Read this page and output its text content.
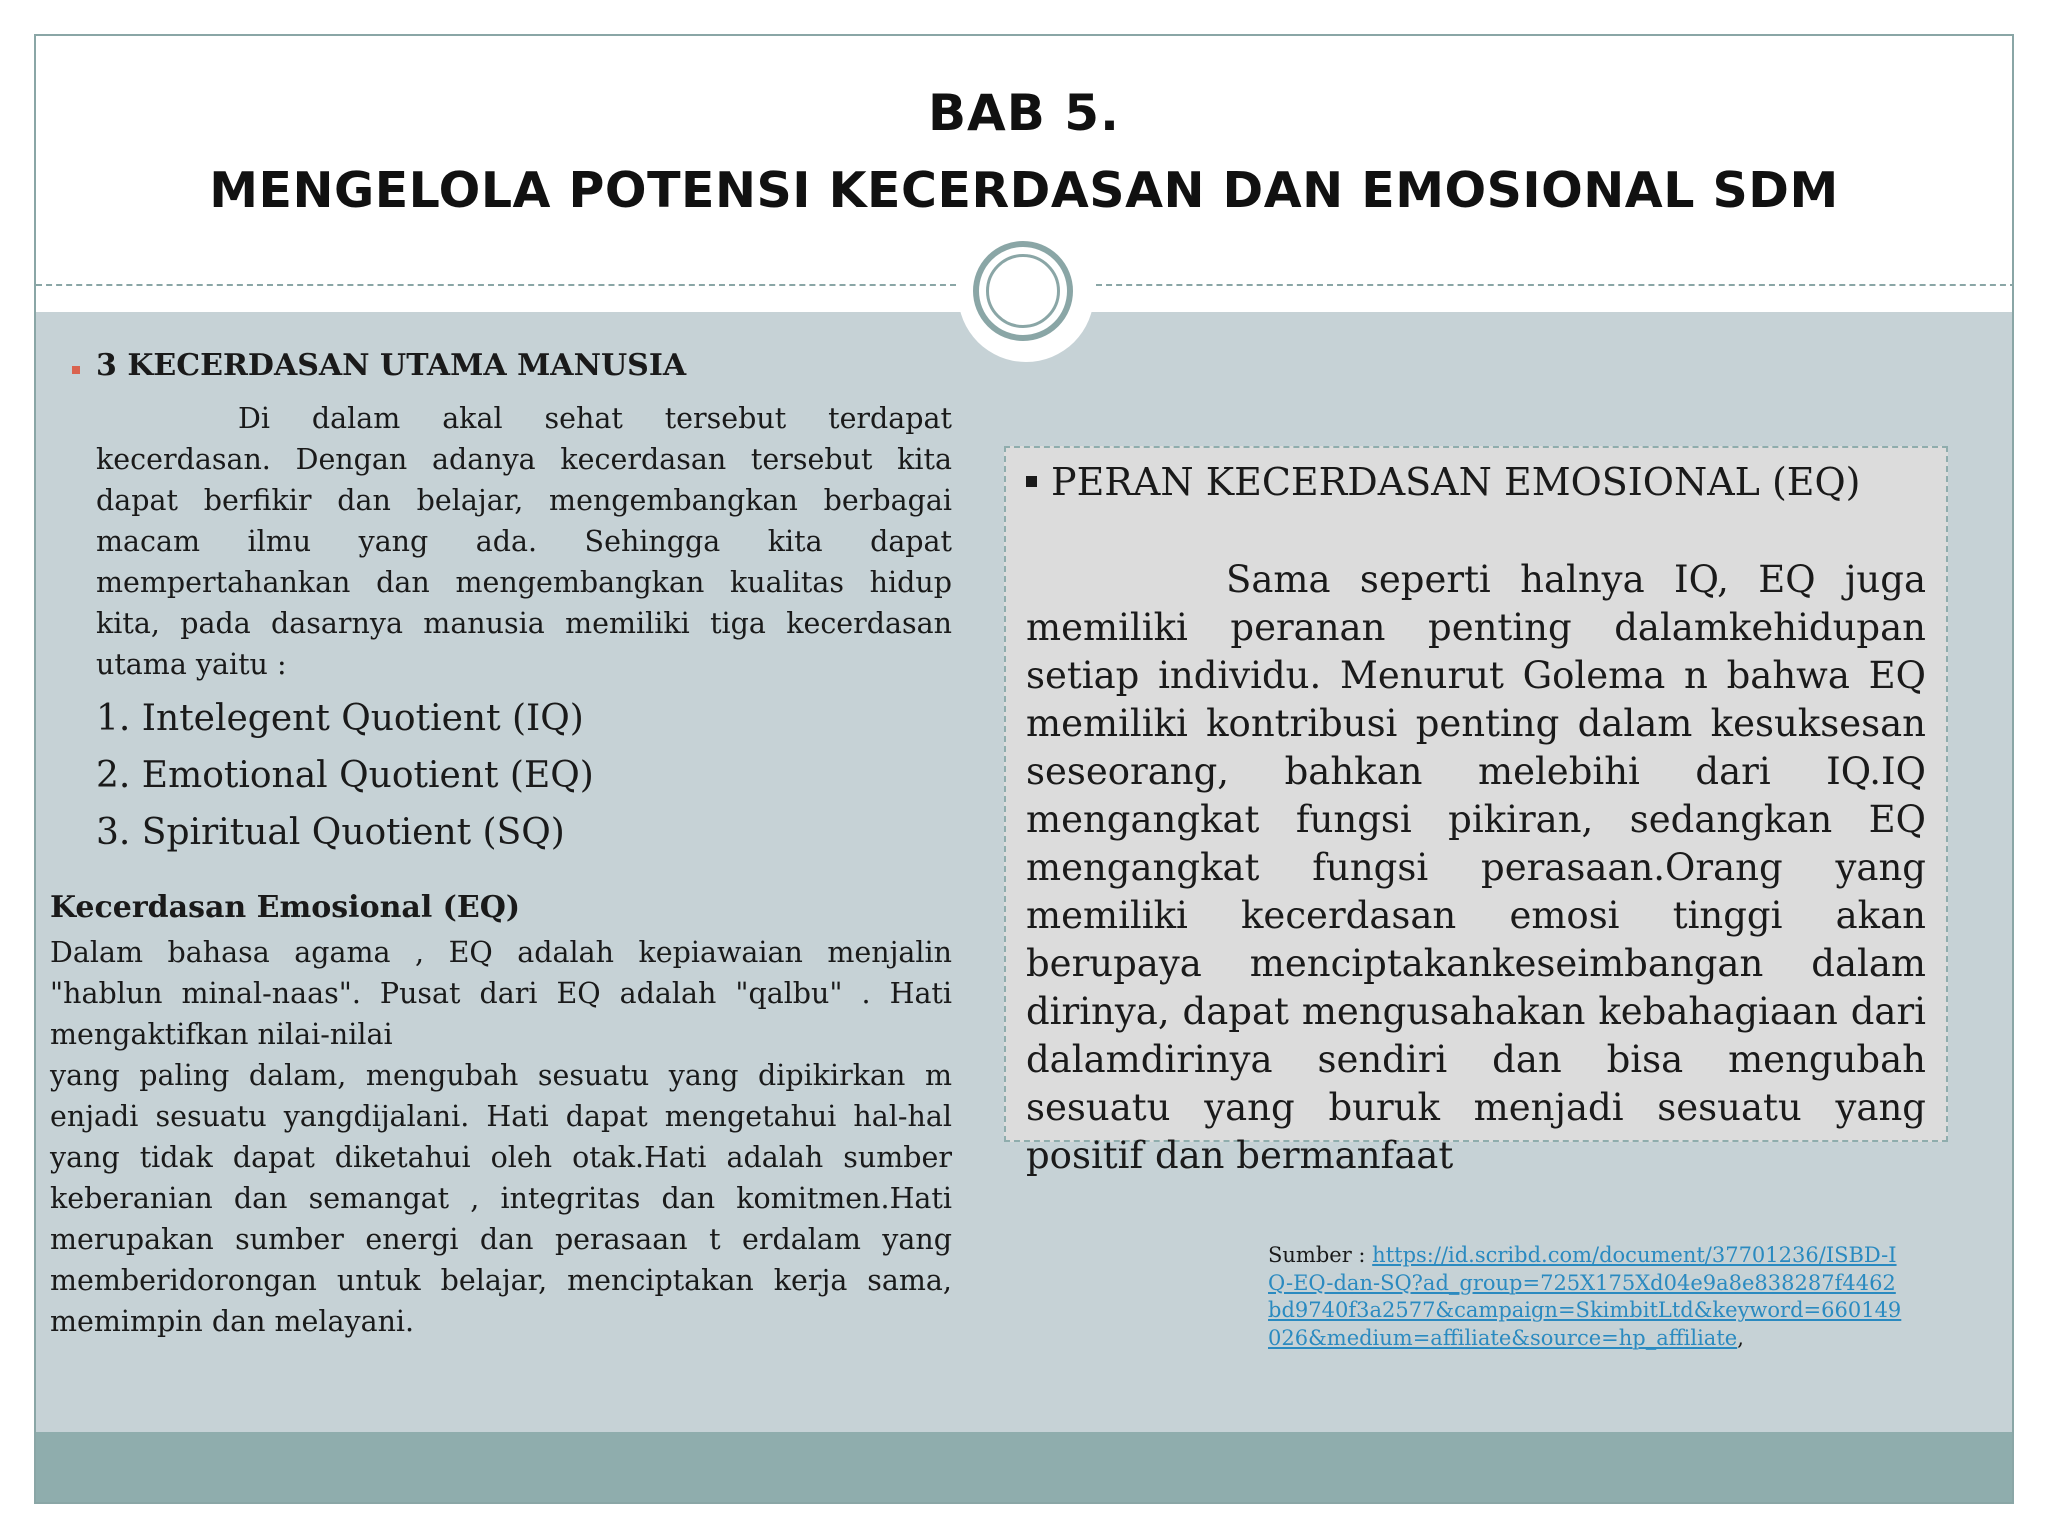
BAB 5.
MENGELOLA POTENSI KECERDASAN DAN EMOSIONAL SDM
3 KECERDASAN UTAMA MANUSIA
Di dalam akal sehat tersebut terdapat kecerdasan. Dengan adanya kecerdasan tersebut kita dapat berfikir dan belajar, mengembangkan berbagai macam ilmu yang ada. Sehingga kita dapat mempertahankan dan mengembangkan kualitas hidup kita, pada dasarnya manusia memiliki tiga kecerdasan utama yaitu :
1. Intelegent Quotient (IQ)
2. Emotional Quotient (EQ)
3. Spiritual Quotient (SQ)
Kecerdasan Emosional (EQ)
Dalam bahasa agama , EQ adalah kepiawaian menjalin "hablun minal-naas". Pusat dari EQ adalah "qalbu" . Hati mengaktifkan nilai-nilai
yang paling dalam, mengubah sesuatu yang dipikirkan m enjadi sesuatu yangdijalani. Hati dapat mengetahui hal-hal yang tidak dapat diketahui oleh otak.Hati adalah sumber keberanian dan semangat , integritas dan komitmen.Hati merupakan sumber energi dan perasaan t erdalam yang memberidorongan untuk belajar, menciptakan kerja sama, memimpin dan melayani.
PERAN KECERDASAN EMOSIONAL (EQ)
Sama seperti halnya IQ, EQ juga memiliki peranan penting dalamkehidupan setiap individu. Menurut Golema n bahwa EQ memiliki kontribusi penting dalam kesuksesan seseorang, bahkan melebihi dari IQ.IQ mengangkat fungsi pikiran, sedangkan EQ mengangkat fungsi perasaan.Orang yang memiliki kecerdasan emosi tinggi akan berupaya menciptakankeseimbangan dalam dirinya, dapat mengusahakan kebahagiaan dari dalamdirinya sendiri dan bisa mengubah sesuatu yang buruk menjadi sesuatu yang positif dan bermanfaat
Sumber : https://id.scribd.com/document/37701236/ISBD-IQ-EQ-dan-SQ?ad_group=725X175Xd04e9a8e838287f4462bd9740f3a2577&campaign=SkimbitLtd&keyword=660149026&medium=affiliate&source=hp_affiliate,
